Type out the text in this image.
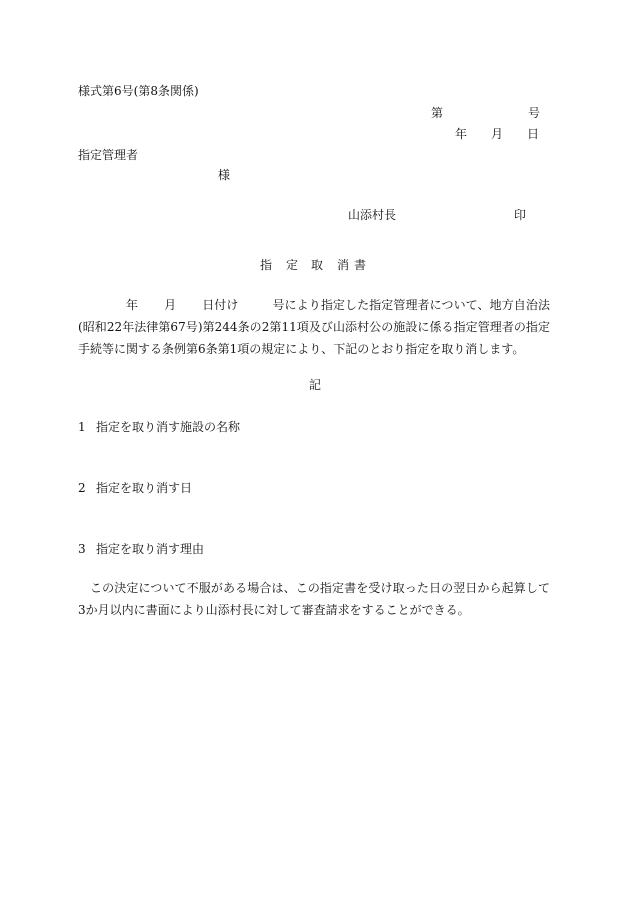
様式第6号(第8条関係)
第	号
年 月 日
指定管理者
様
山添村長	印
指 定 取 消 書
年 月 日付け	号により指定した指定管理者について、地方自治法(昭和22年法律第67号)第244条の2第11項及び山添村公の施設に係る指定管理者の指定手続等に関する条例第6条第1項の規定により、下記のとおり指定を取り消します。
記
1 指定を取り消す施設の名称
2 指定を取り消す日
3 指定を取り消す理由
この決定について不服がある場合は、この指定書を受け取った日の翌日から起算して3か月以内に書面により山添村長に対して審査請求をすることができる。
